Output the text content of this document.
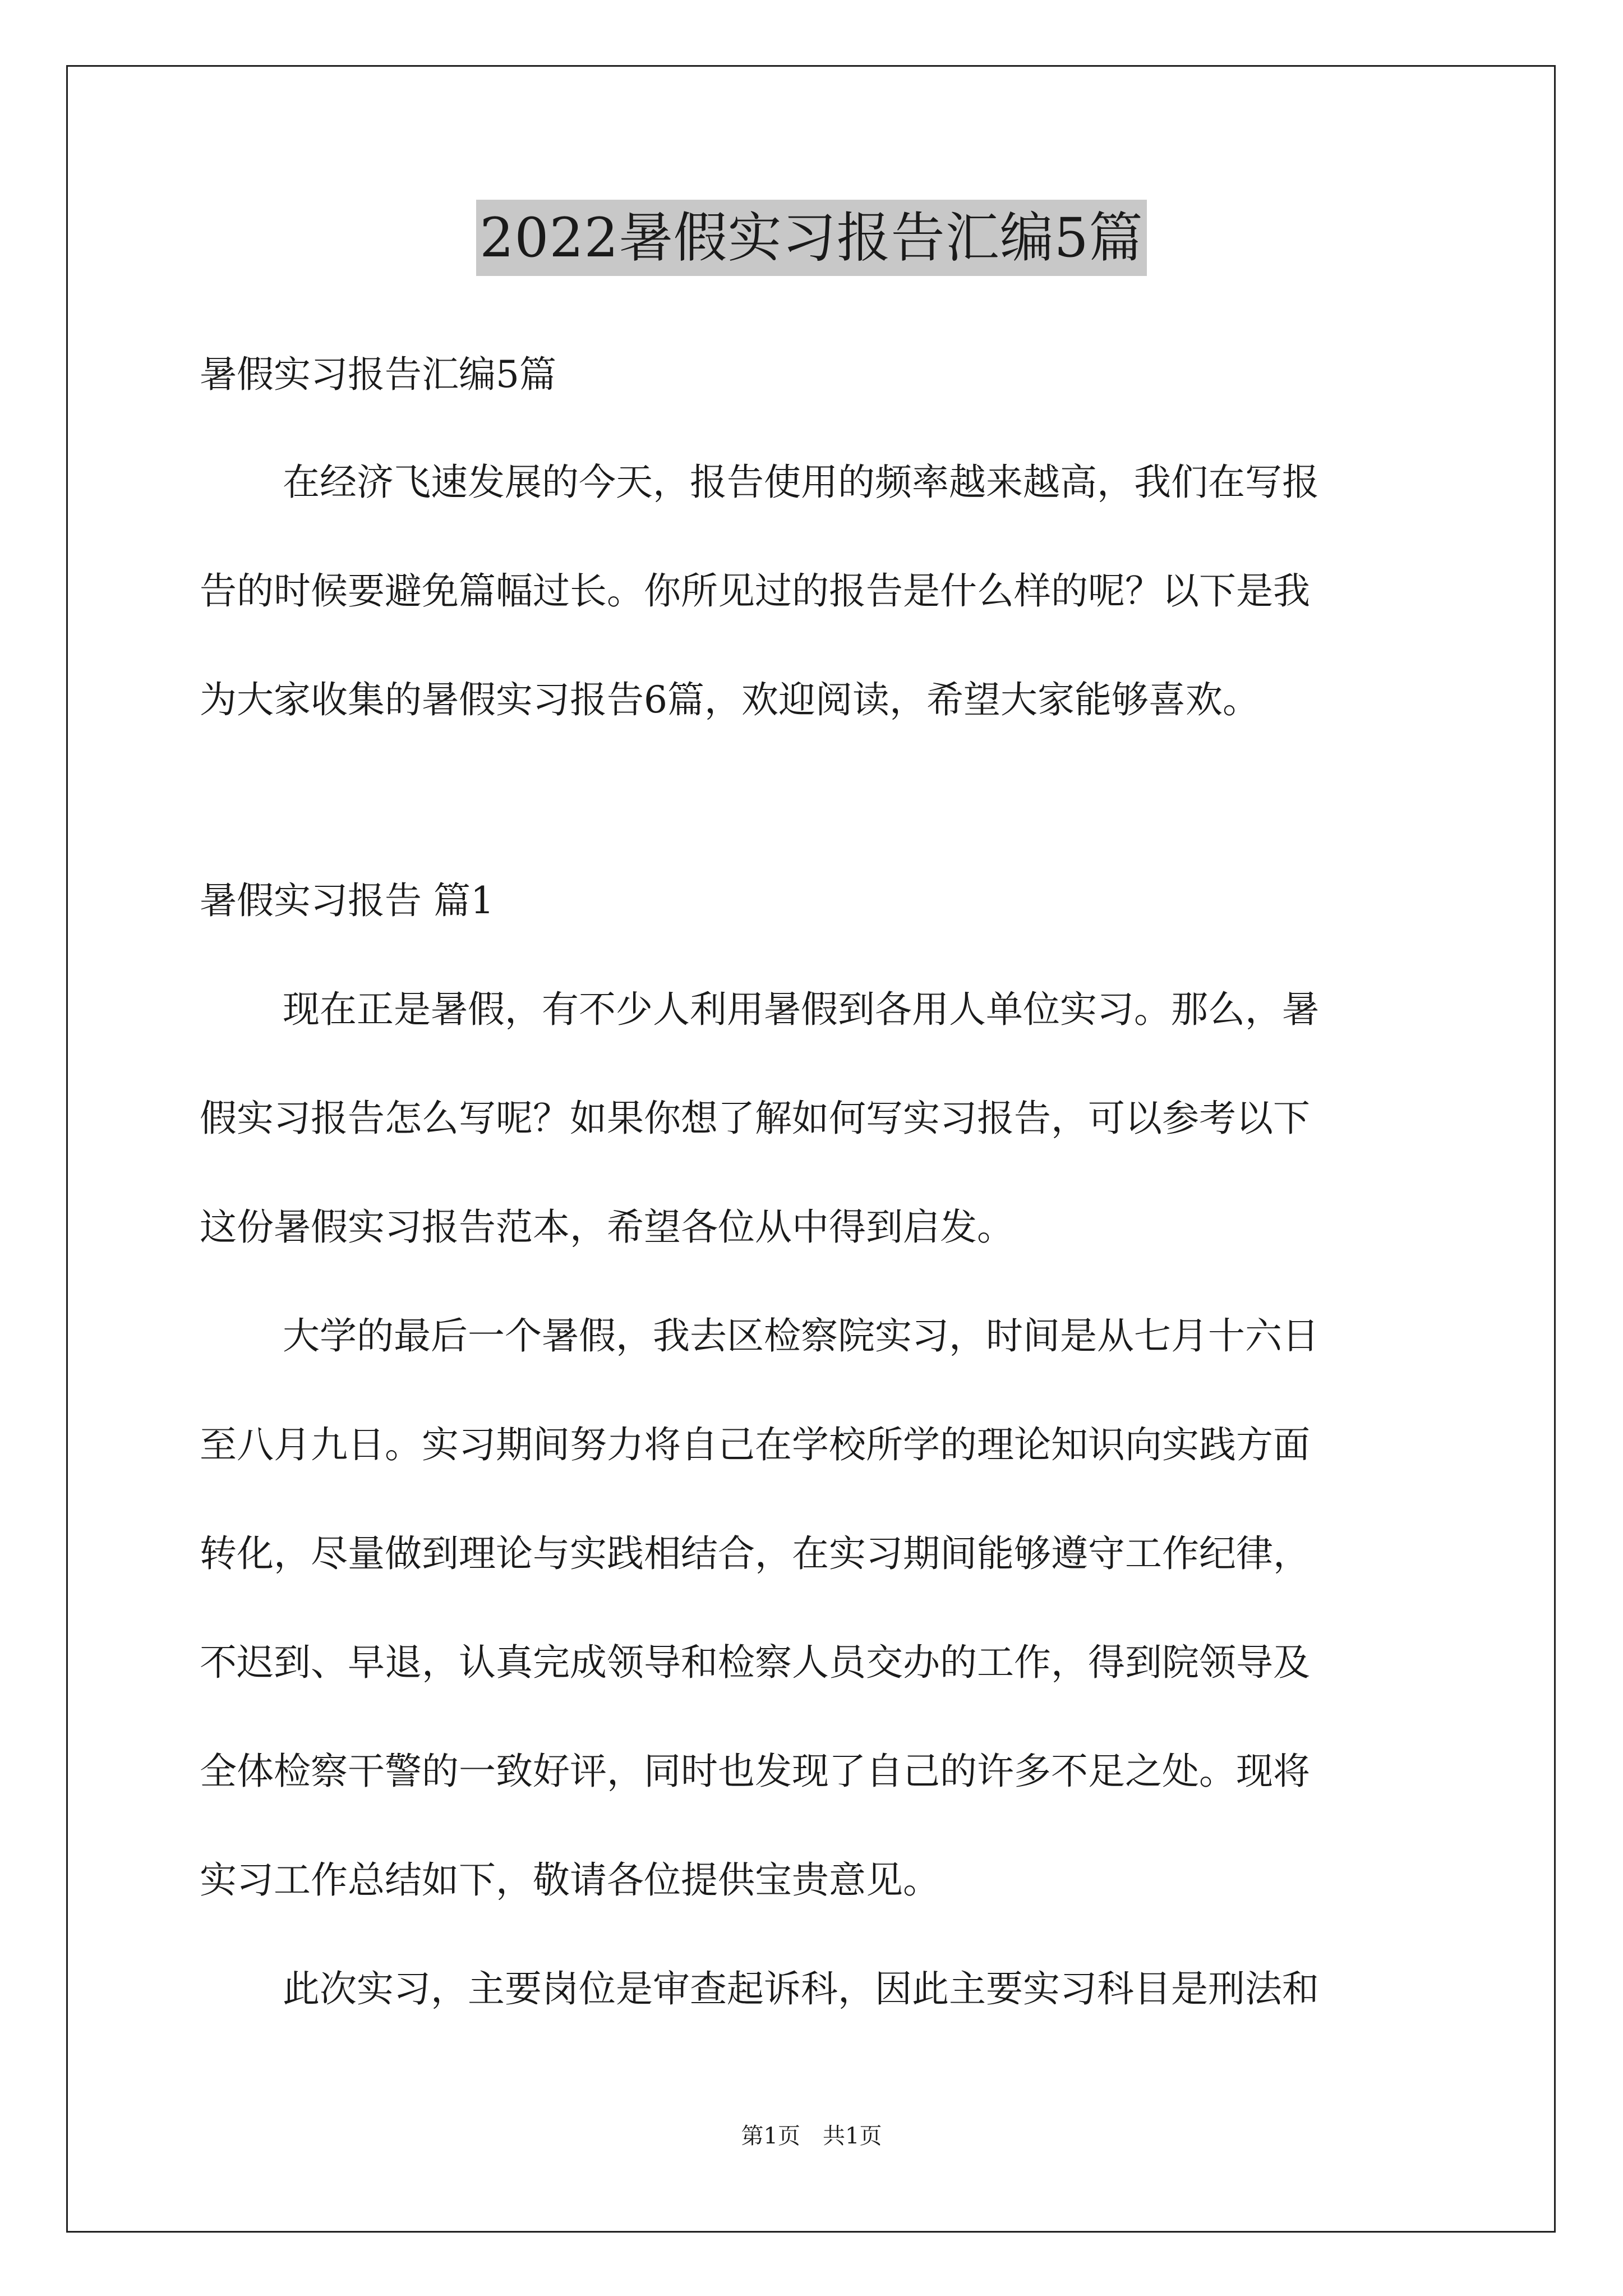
2022暑假实习报告汇编5篇
暑假实习报告汇编5篇
在经济飞速发展的今天，报告使用的频率越来越高，我们在写报
告的时候要避免篇幅过长。你所见过的报告是什么样的呢？以下是我
为大家收集的暑假实习报告6篇，欢迎阅读，希望大家能够喜欢。
暑假实习报告 篇1
现在正是暑假，有不少人利用暑假到各用人单位实习。那么，暑
假实习报告怎么写呢？如果你想了解如何写实习报告，可以参考以下
这份暑假实习报告范本，希望各位从中得到启发。
大学的最后一个暑假，我去区检察院实习，时间是从七月十六日
至八月九日。实习期间努力将自己在学校所学的理论知识向实践方面
转化，尽量做到理论与实践相结合，在实习期间能够遵守工作纪律，
不迟到、早退，认真完成领导和检察人员交办的工作，得到院领导及
全体检察干警的一致好评，同时也发现了自己的许多不足之处。现将
实习工作总结如下，敬请各位提供宝贵意见。
此次实习，主要岗位是审查起诉科，因此主要实习科目是刑法和
第1页　共1页
